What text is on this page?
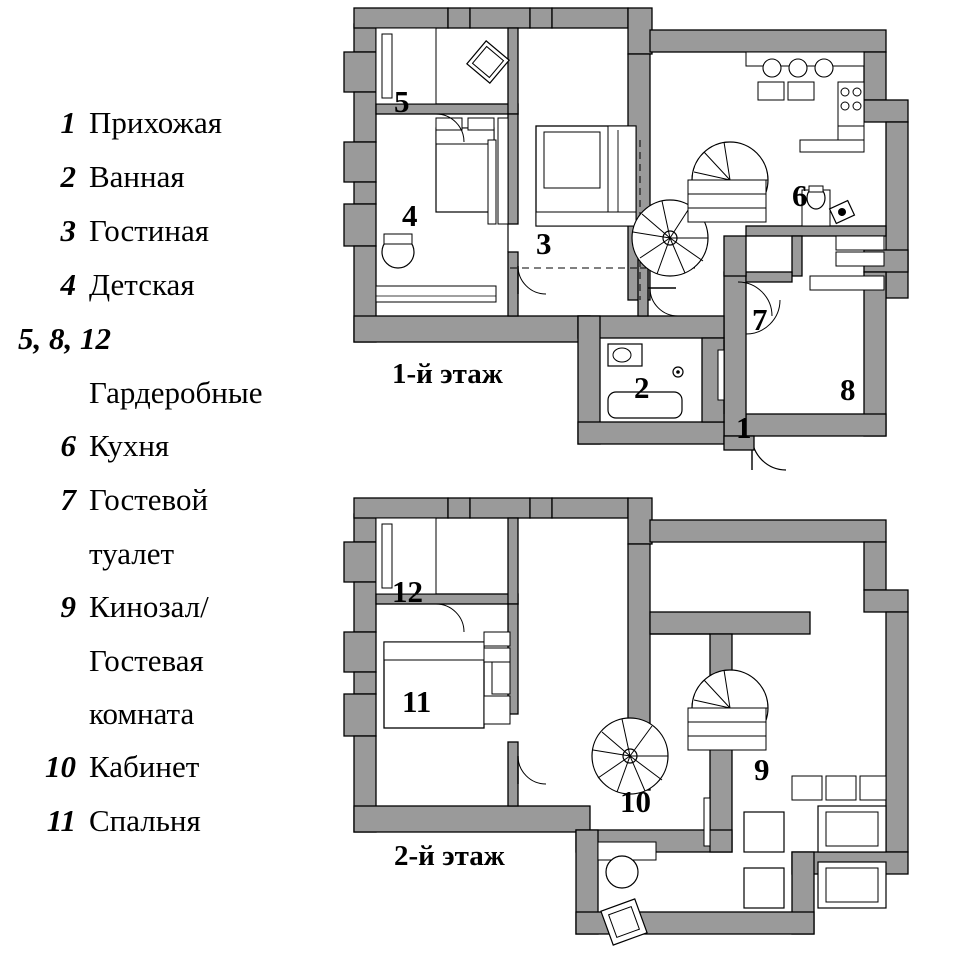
1 Прихожая
2 Ванная
3 Гостиная
4 Детская
5, 8, 12
Гардеробные
6 Кухня
7 Гостевой
туалет
9 Кинозал/
Гостевая
комната
10 Кабинет
11 Спальня
5
4
3
6
7
8
2
1
1-й этаж
12
11
9
10
2-й этаж
